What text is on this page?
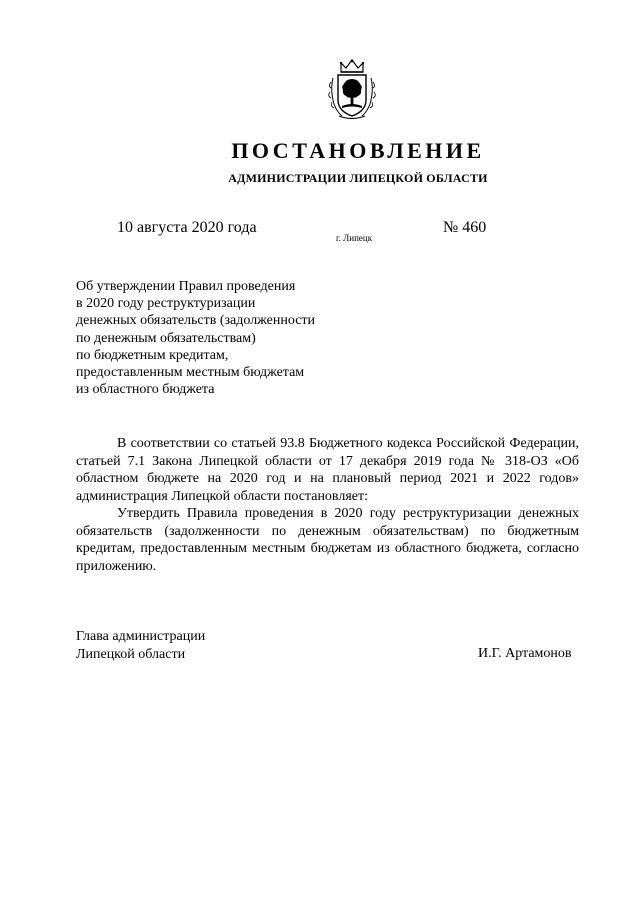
ПОСТАНОВЛЕНИЕ
АДМИНИСТРАЦИИ ЛИПЕЦКОЙ ОБЛАСТИ
10 августа 2020 года
г. Липецк
№ 460
Об утверждении Правил проведения
в 2020 году реструктуризации
денежных обязательств (задолженности
по денежным обязательствам)
по бюджетным кредитам,
предоставленным местным бюджетам
из областного бюджета

В соответствии со статьей 93.8 Бюджетного кодекса Российской Федерации, статьей 7.1 Закона Липецкой области от 17 декабря 2019 года № 318-ОЗ «Об областном бюджете на 2020 год и на плановый период 2021 и 2022 годов» администрация Липецкой области постановляет:

Утвердить Правила проведения в 2020 году реструктуризации денежных обязательств (задолженности по денежным обязательствам) по бюджетным кредитам, предоставленным местным бюджетам из областного бюджета, согласно приложению.

Глава администрации
Липецкой области	И.Г. Артамонов
